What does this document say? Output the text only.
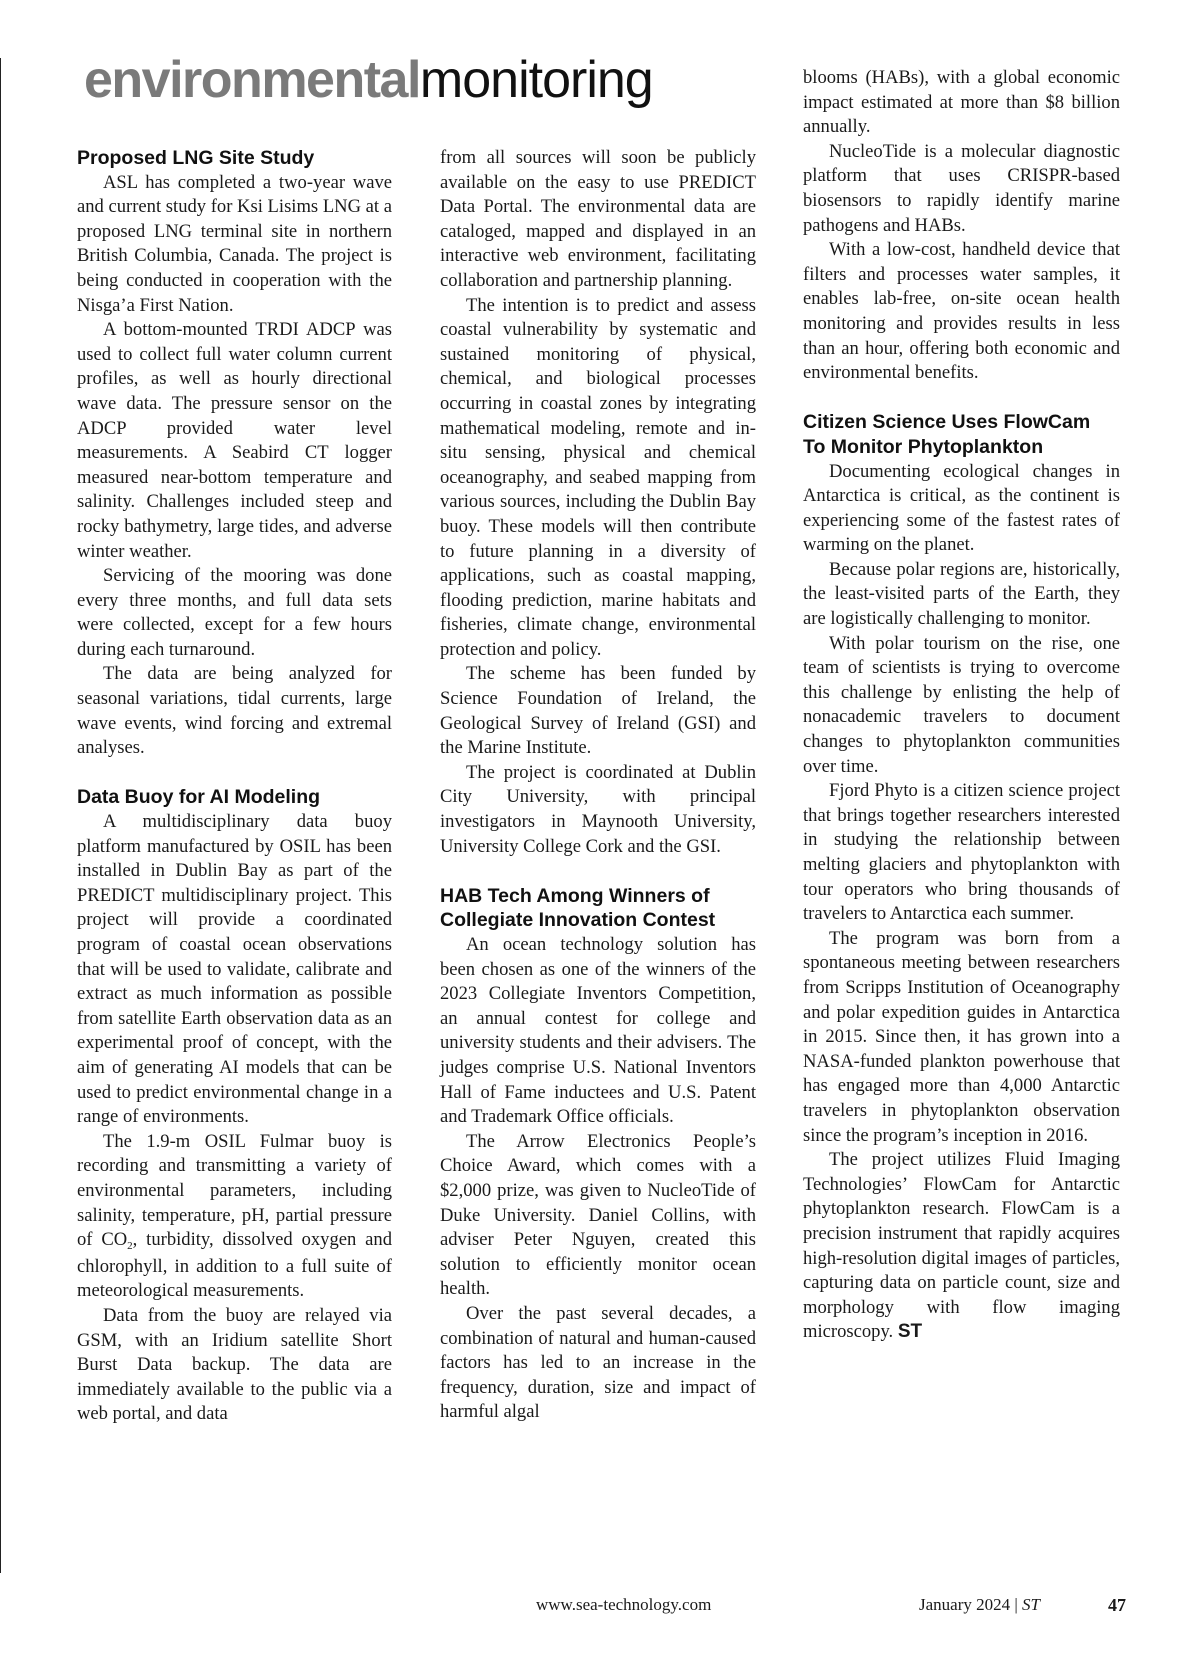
environmentalmonitoring
Proposed LNG Site Study

ASL has completed a two-year wave and current study for Ksi Lisims LNG at a proposed LNG terminal site in northern British Columbia, Canada. The project is being conducted in cooperation with the Nisga’a First Nation.

A bottom-mounted TRDI ADCP was used to collect full water column current profiles, as well as hourly directional wave data. The pressure sensor on the ADCP provided water level measurements. A Seabird CT logger measured near-bottom temperature and salinity. Challenges included steep and rocky bathymetry, large tides, and adverse winter weather.

Servicing of the mooring was done every three months, and full data sets were collected, except for a few hours during each turnaround.

The data are being analyzed for seasonal variations, tidal currents, large wave events, wind forcing and extremal analyses.

Data Buoy for AI Modeling

A multidisciplinary data buoy platform manufactured by OSIL has been installed in Dublin Bay as part of the PREDICT multidisciplinary project. This project will provide a coordinated program of coastal ocean observations that will be used to validate, calibrate and extract as much information as possible from satellite Earth observation data as an experimental proof of concept, with the aim of generating AI models that can be used to predict environmental change in a range of environments.

The 1.9-m OSIL Fulmar buoy is recording and transmitting a variety of environmental parameters, including salinity, temperature, pH, partial pressure of $CO_2$, turbidity, dissolved oxygen and chlorophyll, in addition to a full suite of meteorological measurements.

Data from the buoy are relayed via GSM, with an Iridium satellite Short Burst Data backup. The data are immediately available to the public via a web portal, and data

from all sources will soon be publicly available on the easy to use PREDICT Data Portal. The environmental data are cataloged, mapped and displayed in an interactive web environment, facilitating collaboration and partnership planning.

The intention is to predict and assess coastal vulnerability by systematic and sustained monitoring of physical, chemical, and biological processes occurring in coastal zones by integrating mathematical modeling, remote and in-situ sensing, physical and chemical oceanography, and seabed mapping from various sources, including the Dublin Bay buoy. These models will then contribute to future planning in a diversity of applications, such as coastal mapping, flooding prediction, marine habitats and fisheries, climate change, environmental protection and policy.

The scheme has been funded by Science Foundation of Ireland, the Geological Survey of Ireland (GSI) and the Marine Institute.

The project is coordinated at Dublin City University, with principal investigators in Maynooth University, University College Cork and the GSI.

HAB Tech Among Winners of
Collegiate Innovation Contest

An ocean technology solution has been chosen as one of the winners of the 2023 Collegiate Inventors Competition, an annual contest for college and university students and their advisers. The judges comprise U.S. National Inventors Hall of Fame inductees and U.S. Patent and Trademark Office officials.

The Arrow Electronics People’s Choice Award, which comes with a $2,000 prize, was given to NucleoTide of Duke University. Daniel Collins, with adviser Peter Nguyen, created this solution to efficiently monitor ocean health.

Over the past several decades, a combination of natural and human-caused factors has led to an increase in the frequency, duration, size and impact of harmful algal

blooms (HABs), with a global economic impact estimated at more than $8 billion annually.

NucleoTide is a molecular diagnostic platform that uses CRISPR-based biosensors to rapidly identify marine pathogens and HABs.

With a low-cost, handheld device that filters and processes water samples, it enables lab-free, on-site ocean health monitoring and provides results in less than an hour, offering both economic and environmental benefits.

Citizen Science Uses FlowCam
To Monitor Phytoplankton

Documenting ecological changes in Antarctica is critical, as the continent is experiencing some of the fastest rates of warming on the planet.

Because polar regions are, historically, the least-visited parts of the Earth, they are logistically challenging to monitor.

With polar tourism on the rise, one team of scientists is trying to overcome this challenge by enlisting the help of nonacademic travelers to document changes to phytoplankton communities over time.

Fjord Phyto is a citizen science project that brings together researchers interested in studying the relationship between melting glaciers and phytoplankton with tour operators who bring thousands of travelers to Antarctica each summer.

The program was born from a spontaneous meeting between researchers from Scripps Institution of Oceanography and polar expedition guides in Antarctica in 2015. Since then, it has grown into a NASA-funded plankton powerhouse that has engaged more than 4,000 Antarctic travelers in phytoplankton observation since the program’s inception in 2016.

The project utilizes Fluid Imaging Technologies’ FlowCam for Antarctic phytoplankton research. FlowCam is a precision instrument that rapidly acquires high-resolution digital images of particles, capturing data on particle count, size and morphology with flow imaging microscopy. ST

www.sea-technology.com	January 2024 | ST	47
